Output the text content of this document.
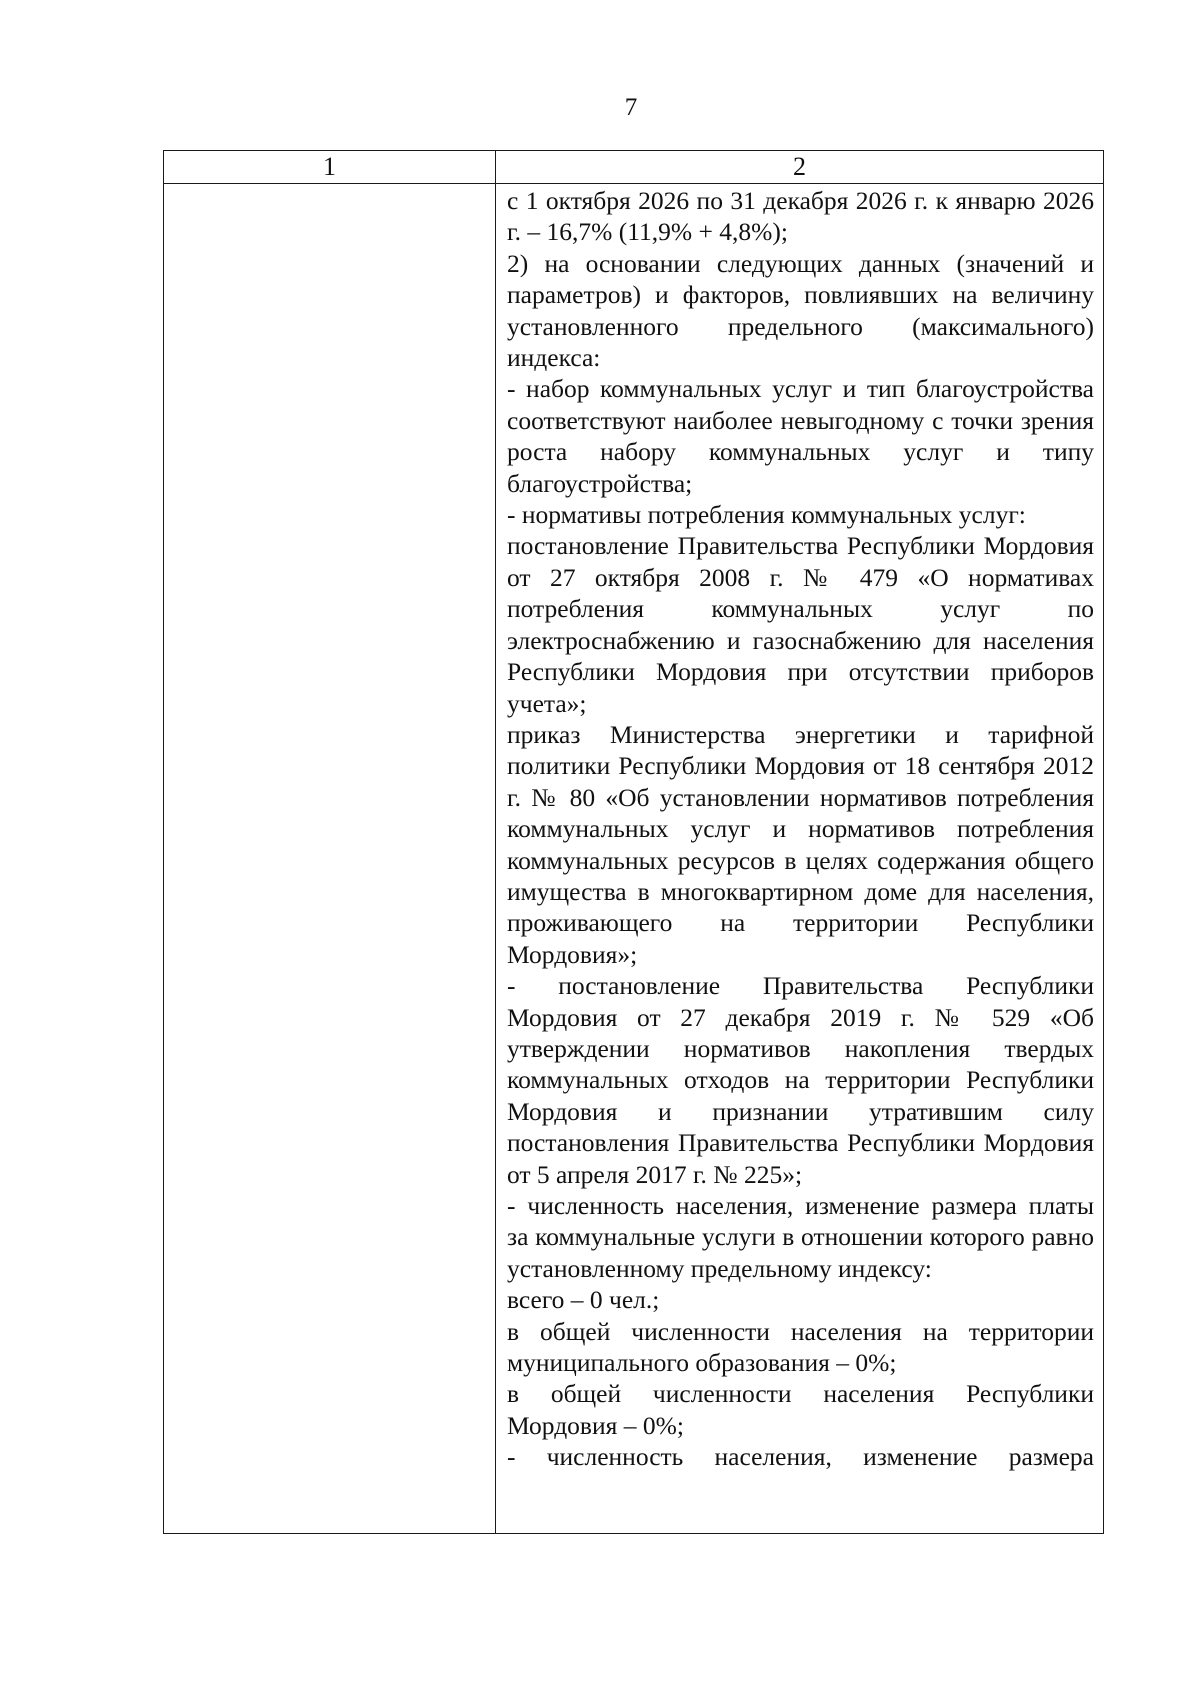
7
1	2

с 1 октября 2026 по 31 декабря 2026 г. к январю 2026 г. – 16,7% (11,9% + 4,8%);

2) на основании следующих данных (значений и параметров) и факторов, повлиявших на величину установленного предельного (максимального) индекса:

- набор коммунальных услуг и тип благоустройства соответствуют наиболее невыгодному с точки зрения роста набору коммунальных услуг и типу благоустройства;

- нормативы потребления коммунальных услуг:

постановление Правительства Республики Мордовия от 27 октября 2008 г. № 479 «О нормативах потребления коммунальных услуг по электроснабжению и газоснабжению для населения Республики Мордовия при отсутствии приборов учета»;

приказ Министерства энергетики и тарифной политики Республики Мордовия от 18 сентября 2012 г. № 80 «Об установлении нормативов потребления коммунальных услуг и нормативов потребления коммунальных ресурсов в целях содержания общего имущества в многоквартирном доме для населения, проживающего на территории Республики Мордовия»;

- постановление Правительства Республики Мордовия от 27 декабря 2019 г. № 529 «Об утверждении нормативов накопления твердых коммунальных отходов на территории Республики Мордовия и признании утратившим силу постановления Правительства Республики Мордовия от 5 апреля 2017 г. № 225»;

- численность населения, изменение размера платы за коммунальные услуги в отношении которого равно установленному предельному индексу:

всего – 0 чел.;

в общей численности населения на территории муниципального образования – 0%;

в общей численности населения Республики Мордовия – 0%;

- численность населения, изменение размера
